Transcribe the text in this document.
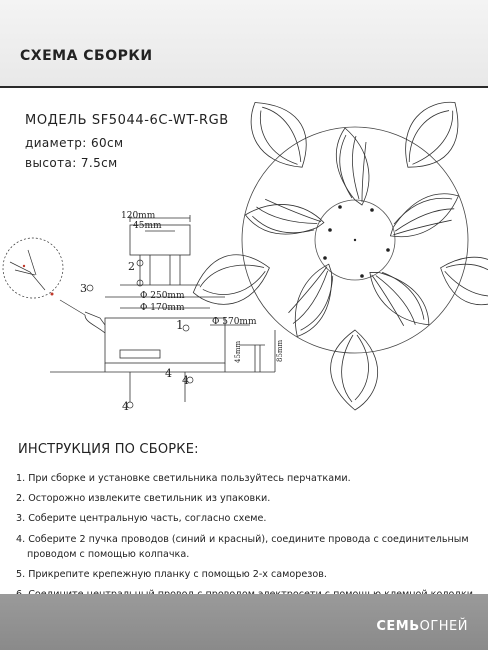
СХЕМА СБОРКИ
МОДЕЛЬ SF5044-6C-WT-RGB
диаметр: 60см
высота: 7.5см
120mm
45mm
Φ 250mm
Φ 170mm
Φ 570mm
45mm	85mm
1
2
3
4
4
4
ИНСТРУКЦИЯ ПО СБОРКЕ:
1. При сборке и установке светильника пользуйтесь перчатками.
2. Осторожно извлеките светильник из упаковки.
3. Соберите центральную часть, согласно схеме.
4. Соберите 2 пучка проводов (синий и красный), соедините провода с соединительным
проводом с помощью колпачка.
5. Прикрепите крепежную планку с помощью 2-х саморезов.
СЕМЬОГНЕЙ
